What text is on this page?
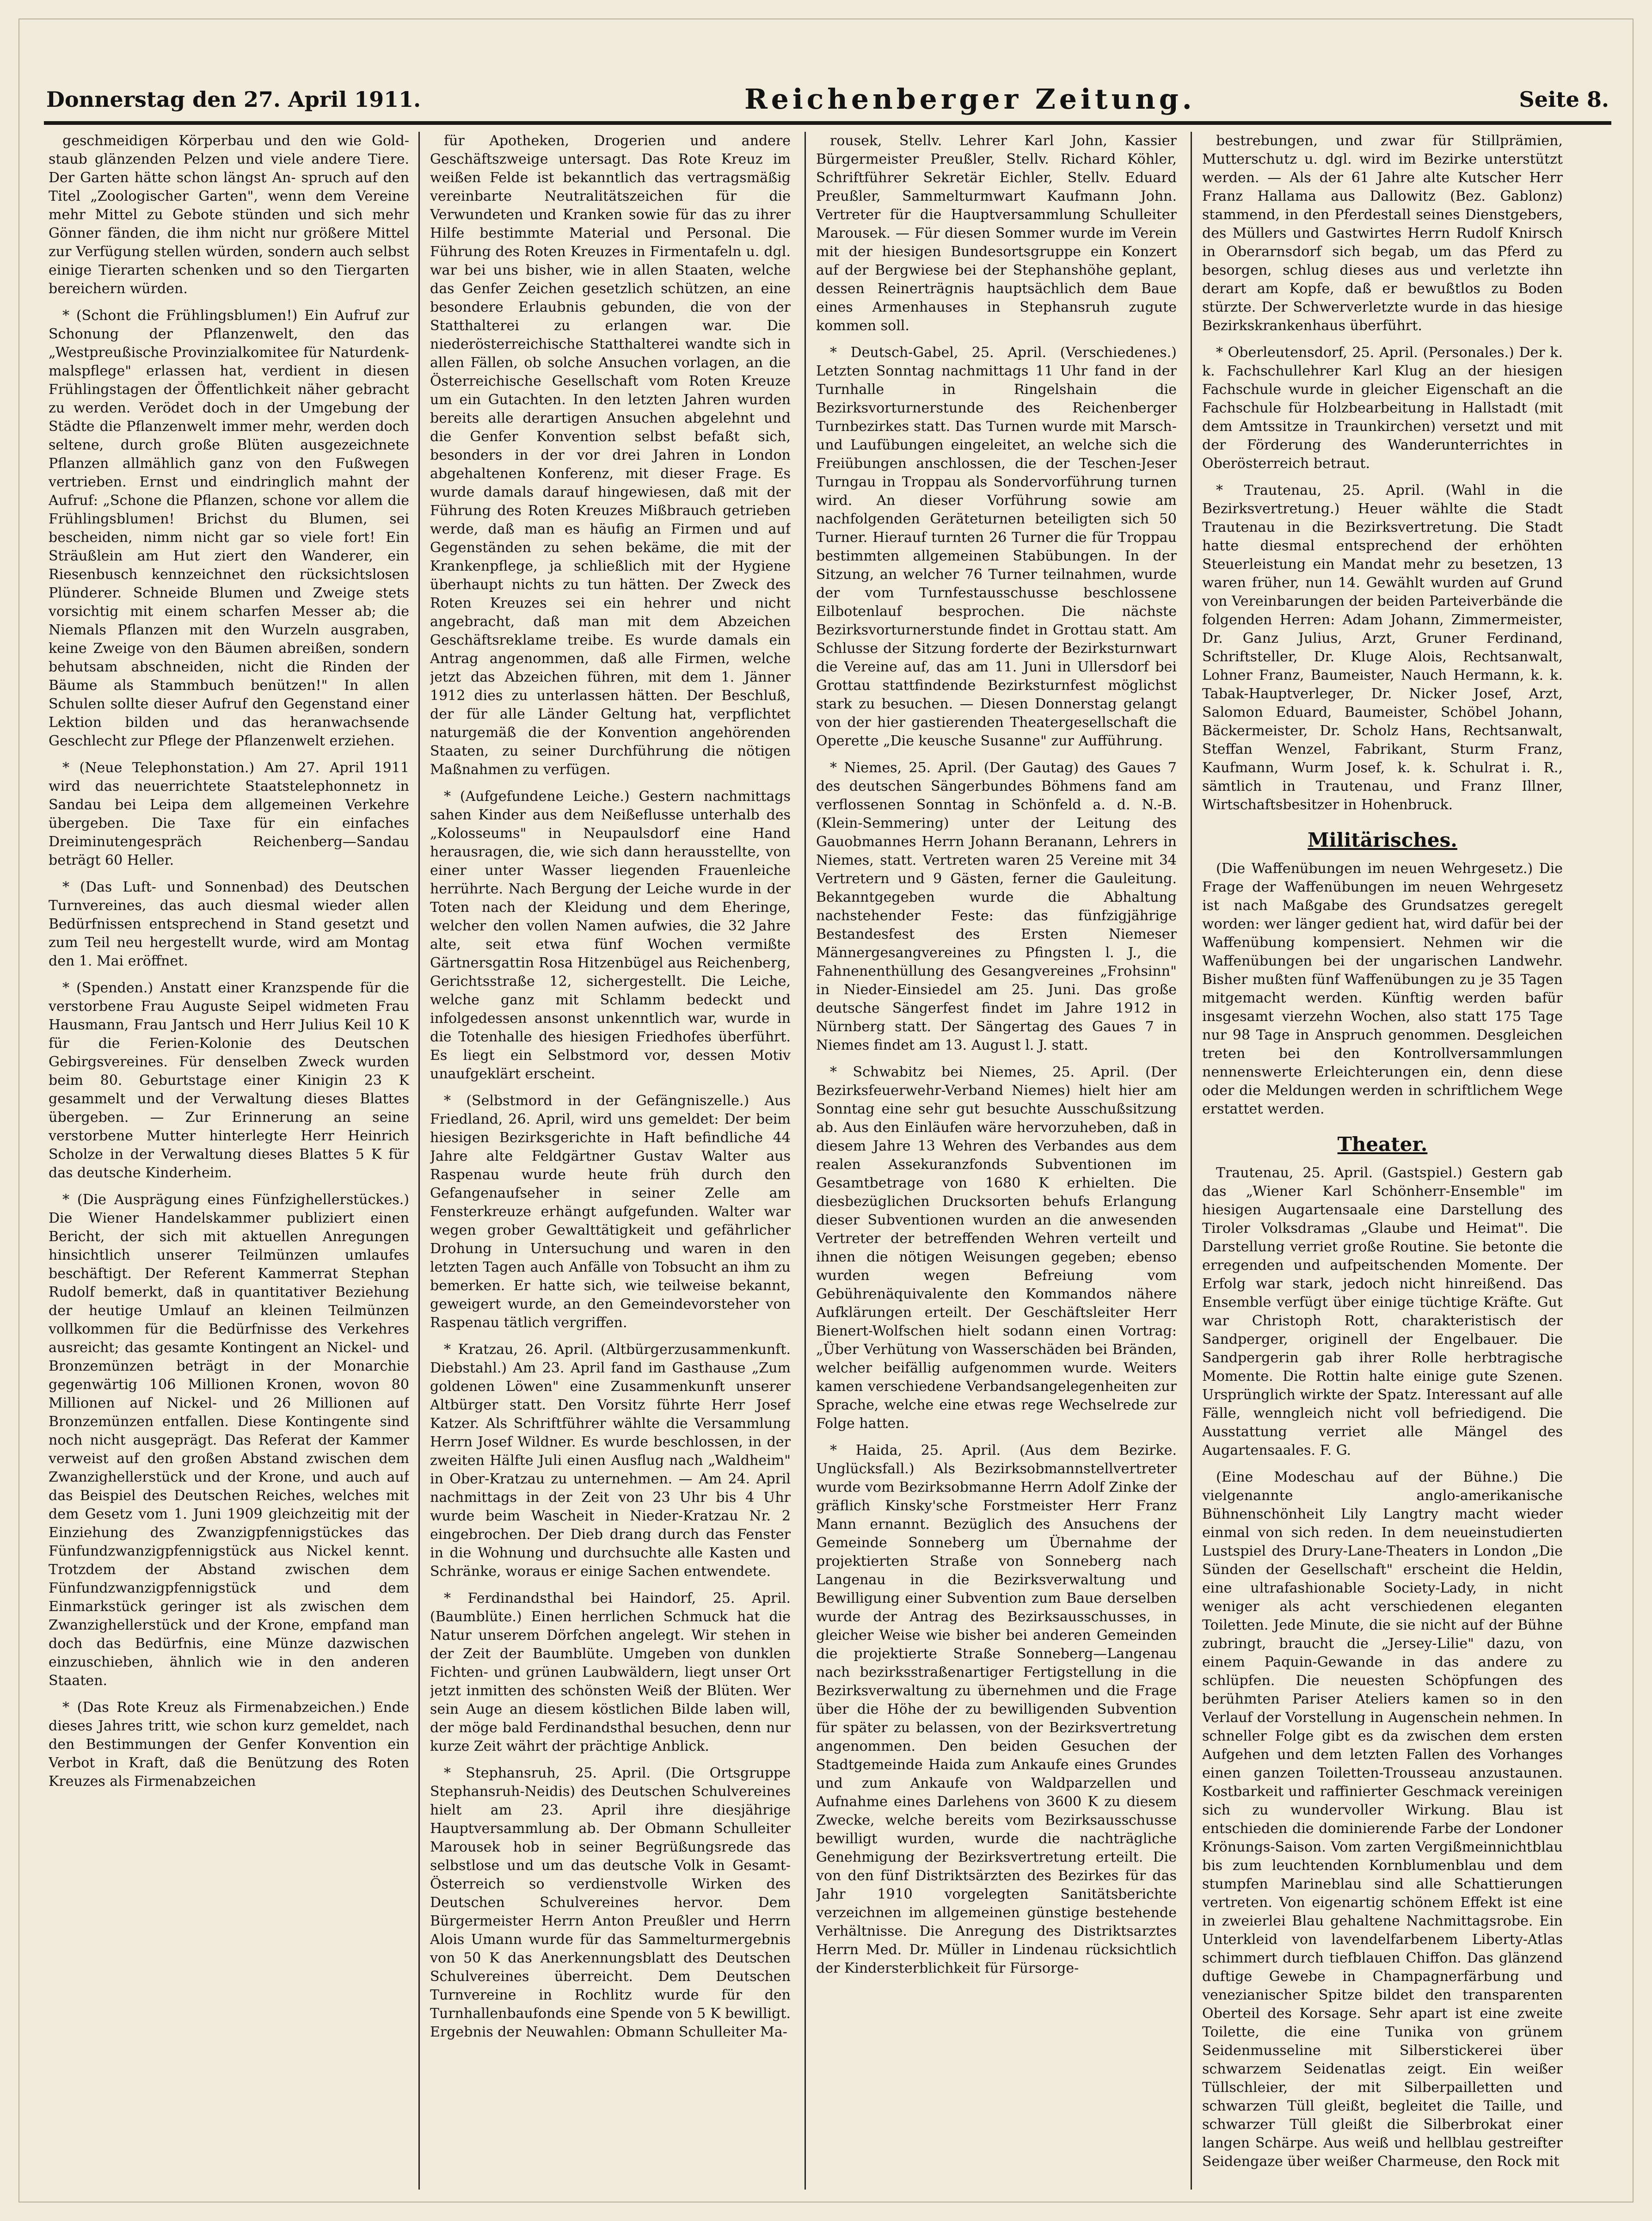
Donnerstag den 27. April 1911.	Reichenberger Zeitung.	Seite 8.
geschmeidigen Körperbau und den wie Gold- staub glänzenden Pelzen und viele andere Tiere. Der Garten hätte schon längst An- spruch auf den Titel „Zoologischer Garten", wenn dem Vereine mehr Mittel zu Gebote stünden und sich mehr Gönner fänden, die ihm nicht nur größere Mittel zur Verfügung stellen würden, sondern auch selbst einige Tierarten schenken und so den Tiergarten bereichern würden.
* (Schont die Frühlingsblumen!) Ein Aufruf zur Schonung der Pflanzenwelt, den das „Westpreußische Provinzialkomitee für Naturdenk- malspflege" erlassen hat, verdient in diesen Frühlingstagen der Öffentlichkeit näher gebracht zu werden. Verödet doch in der Umgebung der Städte die Pflanzenwelt immer mehr, werden doch seltene, durch große Blüten ausgezeichnete Pflanzen allmählich ganz von den Fußwegen vertrieben. Ernst und eindringlich mahnt der Aufruf: „Schone die Pflanzen, schone vor allem die Frühlingsblumen! Brichst du Blumen, sei bescheiden, nimm nicht gar so viele fort! Ein Sträußlein am Hut ziert den Wanderer, ein Riesenbusch kennzeichnet den rücksichtslosen Plünderer. Schneide Blumen und Zweige stets vorsichtig mit einem scharfen Messer ab; die Niemals Pflanzen mit den Wurzeln ausgraben, keine Zweige von den Bäumen abreißen, sondern behutsam abschneiden, nicht die Rinden der Bäume als Stammbuch benützen!" In allen Schulen sollte dieser Aufruf den Gegenstand einer Lektion bilden und das heranwachsende Geschlecht zur Pflege der Pflanzenwelt erziehen.
* (Neue Telephonstation.) Am 27. April 1911 wird das neuerrichtete Staatstelephonnetz in Sandau bei Leipa dem allgemeinen Verkehre übergeben. Die Taxe für ein einfaches Dreiminutengespräch Reichenberg—Sandau beträgt 60 Heller.
* (Das Luft- und Sonnenbad) des Deutschen Turnvereines, das auch diesmal wieder allen Bedürfnissen entsprechend in Stand gesetzt und zum Teil neu hergestellt wurde, wird am Montag den 1. Mai eröffnet.
* (Spenden.) Anstatt einer Kranzspende für die verstorbene Frau Auguste Seipel widmeten Frau Hausmann, Frau Jantsch und Herr Julius Keil 10 K für die Ferien-Kolonie des Deutschen Gebirgsvereines. Für denselben Zweck wurden beim 80. Geburtstage einer Kinigin 23 K gesammelt und der Verwaltung dieses Blattes übergeben. — Zur Erinnerung an seine verstorbene Mutter hinterlegte Herr Heinrich Scholze in der Verwaltung dieses Blattes 5 K für das deutsche Kinderheim.
* (Die Ausprägung eines Fünfzighellerstückes.) Die Wiener Handelskammer publiziert einen Bericht, der sich mit aktuellen Anregungen hinsichtlich unserer Teilmünzen umlaufes beschäftigt. Der Referent Kammerrat Stephan Rudolf bemerkt, daß in quantitativer Beziehung der heutige Umlauf an kleinen Teilmünzen vollkommen für die Bedürfnisse des Verkehres ausreicht; das gesamte Kontingent an Nickel- und Bronzemünzen beträgt in der Monarchie gegenwärtig 106 Millionen Kronen, wovon 80 Millionen auf Nickel- und 26 Millionen auf Bronzemünzen entfallen. Diese Kontingente sind noch nicht ausgeprägt. Das Referat der Kammer verweist auf den großen Abstand zwischen dem Zwanzighellerstück und der Krone, und auch auf das Beispiel des Deutschen Reiches, welches mit dem Gesetz vom 1. Juni 1909 gleichzeitig mit der Einziehung des Zwanzigpfennigstückes das Fünfundzwanzigpfennigstück aus Nickel kennt. Trotzdem der Abstand zwischen dem Fünfundzwanzigpfennigstück und dem Einmarkstück geringer ist als zwischen dem Zwanzighellerstück und der Krone, empfand man doch das Bedürfnis, eine Münze dazwischen einzuschieben, ähnlich wie in den anderen Staaten.
* (Das Rote Kreuz als Firmenabzeichen.) Ende dieses Jahres tritt, wie schon kurz gemeldet, nach den Bestimmungen der Genfer Konvention ein Verbot in Kraft, daß die Benützung des Roten Kreuzes als Firmenabzeichen
für Apotheken, Drogerien und andere Geschäftszweige untersagt. Das Rote Kreuz im weißen Felde ist bekanntlich das vertragsmäßig vereinbarte Neutralitätszeichen für die Verwundeten und Kranken sowie für das zu ihrer Hilfe bestimmte Material und Personal. Die Führung des Roten Kreuzes in Firmentafeln u. dgl. war bei uns bisher, wie in allen Staaten, welche das Genfer Zeichen gesetzlich schützen, an eine besondere Erlaubnis gebunden, die von der Statthalterei zu erlangen war. Die niederösterreichische Statthalterei wandte sich in allen Fällen, ob solche Ansuchen vorlagen, an die Österreichische Gesellschaft vom Roten Kreuze um ein Gutachten. In den letzten Jahren wurden bereits alle derartigen Ansuchen abgelehnt und die Genfer Konvention selbst befaßt sich, besonders in der vor drei Jahren in London abgehaltenen Konferenz, mit dieser Frage. Es wurde damals darauf hingewiesen, daß mit der Führung des Roten Kreuzes Mißbrauch getrieben werde, daß man es häufig an Firmen und auf Gegenständen zu sehen bekäme, die mit der Krankenpflege, ja schließlich mit der Hygiene überhaupt nichts zu tun hätten. Der Zweck des Roten Kreuzes sei ein hehrer und nicht angebracht, daß man mit dem Abzeichen Geschäftsreklame treibe. Es wurde damals ein Antrag angenommen, daß alle Firmen, welche jetzt das Abzeichen führen, mit dem 1. Jänner 1912 dies zu unterlassen hätten. Der Beschluß, der für alle Länder Geltung hat, verpflichtet naturgemäß die der Konvention angehörenden Staaten, zu seiner Durchführung die nötigen Maßnahmen zu verfügen.
* (Aufgefundene Leiche.) Gestern nachmittags sahen Kinder aus dem Neißeflusse unterhalb des „Kolosseums" in Neupaulsdorf eine Hand herausragen, die, wie sich dann herausstellte, von einer unter Wasser liegenden Frauenleiche herrührte. Nach Bergung der Leiche wurde in der Toten nach der Kleidung und dem Eheringe, welcher den vollen Namen aufwies, die 32 Jahre alte, seit etwa fünf Wochen vermißte Gärtnersgattin Rosa Hitzenbügel aus Reichenberg, Gerichtsstraße 12, sichergestellt. Die Leiche, welche ganz mit Schlamm bedeckt und infolgedessen ansonst unkenntlich war, wurde in die Totenhalle des hiesigen Friedhofes überführt. Es liegt ein Selbstmord vor, dessen Motiv unaufgeklärt erscheint.
* (Selbstmord in der Gefängniszelle.) Aus Friedland, 26. April, wird uns gemeldet: Der beim hiesigen Bezirksgerichte in Haft befindliche 44 Jahre alte Feldgärtner Gustav Walter aus Raspenau wurde heute früh durch den Gefangenaufseher in seiner Zelle am Fensterkreuze erhängt aufgefunden. Walter war wegen grober Gewalttätigkeit und gefährlicher Drohung in Untersuchung und waren in den letzten Tagen auch Anfälle von Tobsucht an ihm zu bemerken. Er hatte sich, wie teilweise bekannt, geweigert wurde, an den Gemeindevorsteher von Raspenau tätlich vergriffen.
* Kratzau, 26. April. (Altbürgerzusammenkunft. Diebstahl.) Am 23. April fand im Gasthause „Zum goldenen Löwen" eine Zusammenkunft unserer Altbürger statt. Den Vorsitz führte Herr Josef Katzer. Als Schriftführer wählte die Versammlung Herrn Josef Wildner. Es wurde beschlossen, in der zweiten Hälfte Juli einen Ausflug nach „Waldheim" in Ober-Kratzau zu unternehmen. — Am 24. April nachmittags in der Zeit von 23 Uhr bis 4 Uhr wurde beim Wascheit in Nieder-Kratzau Nr. 2 eingebrochen. Der Dieb drang durch das Fenster in die Wohnung und durchsuchte alle Kasten und Schränke, woraus er einige Sachen entwendete.
* Ferdinandsthal bei Haindorf, 25. April. (Baumblüte.) Einen herrlichen Schmuck hat die Natur unserem Dörfchen angelegt. Wir stehen in der Zeit der Baumblüte. Umgeben von dunklen Fichten- und grünen Laubwäldern, liegt unser Ort jetzt inmitten des schönsten Weiß der Blüten. Wer sein Auge an diesem köstlichen Bilde laben will, der möge bald Ferdinandsthal besuchen, denn nur kurze Zeit währt der prächtige Anblick.
* Stephansruh, 25. April. (Die Ortsgruppe Stephansruh-Neidis) des Deutschen Schulvereines hielt am 23. April ihre diesjährige Hauptversammlung ab. Der Obmann Schulleiter Marousek hob in seiner Begrüßungsrede das selbstlose und um das deutsche Volk in Gesamt-Österreich so verdienstvolle Wirken des Deutschen Schulvereines hervor. Dem Bürgermeister Herrn Anton Preußler und Herrn Alois Umann wurde für das Sammelturmergebnis von 50 K das Anerkennungsblatt des Deutschen Schulvereines überreicht. Dem Deutschen Turnvereine in Rochlitz wurde für den Turnhallenbaufonds eine Spende von 5 K bewilligt. Ergebnis der Neuwahlen: Obmann Schulleiter Ma-
rousek, Stellv. Lehrer Karl John, Kassier Bürgermeister Preußler, Stellv. Richard Köhler, Schriftführer Sekretär Eichler, Stellv. Eduard Preußler, Sammelturmwart Kaufmann John. Vertreter für die Hauptversammlung Schulleiter Marousek. — Für diesen Sommer wurde im Verein mit der hiesigen Bundesortsgruppe ein Konzert auf der Bergwiese bei der Stephanshöhe geplant, dessen Reinerträgnis hauptsächlich dem Baue eines Armenhauses in Stephansruh zugute kommen soll.
* Deutsch-Gabel, 25. April. (Verschiedenes.) Letzten Sonntag nachmittags 11 Uhr fand in der Turnhalle in Ringelshain die Bezirksvorturnerstunde des Reichenberger Turnbezirkes statt. Das Turnen wurde mit Marsch- und Laufübungen eingeleitet, an welche sich die Freiübungen anschlossen, die der Teschen-Jeser Turngau in Troppau als Sondervorführung turnen wird. An dieser Vorführung sowie am nachfolgenden Geräteturnen beteiligten sich 50 Turner. Hierauf turnten 26 Turner die für Troppau bestimmten allgemeinen Stabübungen. In der Sitzung, an welcher 76 Turner teilnahmen, wurde der vom Turnfestausschusse beschlossene Eilbotenlauf besprochen. Die nächste Bezirksvorturnerstunde findet in Grottau statt. Am Schlusse der Sitzung forderte der Bezirksturnwart die Vereine auf, das am 11. Juni in Ullersdorf bei Grottau stattfindende Bezirksturnfest möglichst stark zu besuchen. — Diesen Donnerstag gelangt von der hier gastierenden Theatergesellschaft die Operette „Die keusche Susanne" zur Aufführung.
* Niemes, 25. April. (Der Gautag) des Gaues 7 des deutschen Sängerbundes Böhmens fand am verflossenen Sonntag in Schönfeld a. d. N.-B. (Klein-Semmering) unter der Leitung des Gauobmannes Herrn Johann Beranann, Lehrers in Niemes, statt. Vertreten waren 25 Vereine mit 34 Vertretern und 9 Gästen, ferner die Gauleitung. Bekanntgegeben wurde die Abhaltung nachstehender Feste: das fünfzigjährige Bestandesfest des Ersten Niemeser Männergesangvereines zu Pfingsten l. J., die Fahnenenthüllung des Gesangvereines „Frohsinn" in Nieder-Einsiedel am 25. Juni. Das große deutsche Sängerfest findet im Jahre 1912 in Nürnberg statt. Der Sängertag des Gaues 7 in Niemes findet am 13. August l. J. statt.
* Schwabitz bei Niemes, 25. April. (Der Bezirksfeuerwehr-Verband Niemes) hielt hier am Sonntag eine sehr gut besuchte Ausschußsitzung ab. Aus den Einläufen wäre hervorzuheben, daß in diesem Jahre 13 Wehren des Verbandes aus dem realen Assekuranzfonds Subventionen im Gesamtbetrage von 1680 K erhielten. Die diesbezüglichen Drucksorten behufs Erlangung dieser Subventionen wurden an die anwesenden Vertreter der betreffenden Wehren verteilt und ihnen die nötigen Weisungen gegeben; ebenso wurden wegen Befreiung vom Gebührenäquivalente den Kommandos nähere Aufklärungen erteilt. Der Geschäftsleiter Herr Bienert-Wolfschen hielt sodann einen Vortrag: „Über Verhütung von Wasserschäden bei Bränden, welcher beifällig aufgenommen wurde. Weiters kamen verschiedene Verbandsangelegenheiten zur Sprache, welche eine etwas rege Wechselrede zur Folge hatten.
* Haida, 25. April. (Aus dem Bezirke. Unglücksfall.) Als Bezirksobmannstellvertreter wurde vom Bezirksobmanne Herrn Adolf Zinke der gräflich Kinsky'sche Forstmeister Herr Franz Mann ernannt. Bezüglich des Ansuchens der Gemeinde Sonneberg um Übernahme der projektierten Straße von Sonneberg nach Langenau in die Bezirksverwaltung und Bewilligung einer Subvention zum Baue derselben wurde der Antrag des Bezirksausschusses, in gleicher Weise wie bisher bei anderen Gemeinden die projektierte Straße Sonneberg—Langenau nach bezirksstraßenartiger Fertigstellung in die Bezirksverwaltung zu übernehmen und die Frage über die Höhe der zu bewilligenden Subvention für später zu belassen, von der Bezirksvertretung angenommen. Den beiden Gesuchen der Stadtgemeinde Haida zum Ankaufe eines Grundes und zum Ankaufe von Waldparzellen und Aufnahme eines Darlehens von 3600 K zu diesem Zwecke, welche bereits vom Bezirksausschusse bewilligt wurden, wurde die nachträgliche Genehmigung der Bezirksvertretung erteilt. Die von den fünf Distriktsärzten des Bezirkes für das Jahr 1910 vorgelegten Sanitätsberichte verzeichnen im allgemeinen günstige bestehende Verhältnisse. Die Anregung des Distriktsarztes Herrn Med. Dr. Müller in Lindenau rücksichtlich der Kindersterblichkeit für Fürsorge-
bestrebungen, und zwar für Stillprämien, Mutterschutz u. dgl. wird im Bezirke unterstützt werden. — Als der 61 Jahre alte Kutscher Herr Franz Hallama aus Dallowitz (Bez. Gablonz) stammend, in den Pferdestall seines Dienstgebers, des Müllers und Gastwirtes Herrn Rudolf Knirsch in Oberarnsdorf sich begab, um das Pferd zu besorgen, schlug dieses aus und verletzte ihn derart am Kopfe, daß er bewußtlos zu Boden stürzte. Der Schwerverletzte wurde in das hiesige Bezirkskrankenhaus überführt.
* Oberleutensdorf, 25. April. (Personales.) Der k. k. Fachschullehrer Karl Klug an der hiesigen Fachschule wurde in gleicher Eigenschaft an die Fachschule für Holzbearbeitung in Hallstadt (mit dem Amtssitze in Traunkirchen) versetzt und mit der Förderung des Wanderunterrichtes in Oberösterreich betraut.
* Trautenau, 25. April. (Wahl in die Bezirksvertretung.) Heuer wählte die Stadt Trautenau in die Bezirksvertretung. Die Stadt hatte diesmal entsprechend der erhöhten Steuerleistung ein Mandat mehr zu besetzen, 13 waren früher, nun 14. Gewählt wurden auf Grund von Vereinbarungen der beiden Parteiverbände die folgenden Herren: Adam Johann, Zimmermeister, Dr. Ganz Julius, Arzt, Gruner Ferdinand, Schriftsteller, Dr. Kluge Alois, Rechtsanwalt, Lohner Franz, Baumeister, Nauch Hermann, k. k. Tabak-Hauptverleger, Dr. Nicker Josef, Arzt, Salomon Eduard, Baumeister, Schöbel Johann, Bäckermeister, Dr. Scholz Hans, Rechtsanwalt, Steffan Wenzel, Fabrikant, Sturm Franz, Kaufmann, Wurm Josef, k. k. Schulrat i. R., sämtlich in Trautenau, und Franz Illner, Wirtschaftsbesitzer in Hohenbruck.
Militärisches.
(Die Waffenübungen im neuen Wehrgesetz.) Die Frage der Waffenübungen im neuen Wehrgesetz ist nach Maßgabe des Grundsatzes geregelt worden: wer länger gedient hat, wird dafür bei der Waffenübung kompensiert. Nehmen wir die Waffenübungen bei der ungarischen Landwehr. Bisher mußten fünf Waffenübungen zu je 35 Tagen mitgemacht werden. Künftig werden bafür insgesamt vierzehn Wochen, also statt 175 Tage nur 98 Tage in Anspruch genommen. Desgleichen treten bei den Kontrollversammlungen nennenswerte Erleichterungen ein, denn diese oder die Meldungen werden in schriftlichem Wege erstattet werden.
Theater.
Trautenau, 25. April. (Gastspiel.) Gestern gab das „Wiener Karl Schönherr-Ensemble" im hiesigen Augartensaale eine Darstellung des Tiroler Volksdramas „Glaube und Heimat". Die Darstellung verriet große Routine. Sie betonte die erregenden und aufpeitschenden Momente. Der Erfolg war stark, jedoch nicht hinreißend. Das Ensemble verfügt über einige tüchtige Kräfte. Gut war Christoph Rott, charakteristisch der Sandperger, originell der Engelbauer. Die Sandpergerin gab ihrer Rolle herbtragische Momente. Die Rottin halte einige gute Szenen. Ursprünglich wirkte der Spatz. Interessant auf alle Fälle, wenngleich nicht voll befriedigend. Die Ausstattung verriet alle Mängel des Augartensaales. F. G.
(Eine Modeschau auf der Bühne.) Die vielgenannte anglo-amerikanische Bühnenschönheit Lily Langtry macht wieder einmal von sich reden. In dem neueinstudierten Lustspiel des Drury-Lane-Theaters in London „Die Sünden der Gesellschaft" erscheint die Heldin, eine ultrafashionable Society-Lady, in nicht weniger als acht verschiedenen eleganten Toiletten. Jede Minute, die sie nicht auf der Bühne zubringt, braucht die „Jersey-Lilie" dazu, von einem Paquin-Gewande in das andere zu schlüpfen. Die neuesten Schöpfungen des berühmten Pariser Ateliers kamen so in den Verlauf der Vorstellung in Augenschein nehmen. In schneller Folge gibt es da zwischen dem ersten Aufgehen und dem letzten Fallen des Vorhanges einen ganzen Toiletten-Trousseau anzustaunen. Kostbarkeit und raffinierter Geschmack vereinigen sich zu wundervoller Wirkung. Blau ist entschieden die dominierende Farbe der Londoner Krönungs-Saison. Vom zarten Vergißmeinnichtblau bis zum leuchtenden Kornblumenblau und dem stumpfen Marineblau sind alle Schattierungen vertreten. Von eigenartig schönem Effekt ist eine in zweierlei Blau gehaltene Nachmittagsrobe. Ein Unterkleid von lavendelfarbenem Liberty-Atlas schimmert durch tiefblauen Chiffon. Das glänzend duftige Gewebe in Champagnerfärbung und venezianischer Spitze bildet den transparenten Oberteil des Korsage. Sehr apart ist eine zweite Toilette, die eine Tunika von grünem Seidenmusseline mit Silberstickerei über schwarzem Seidenatlas zeigt. Ein weißer Tüllschleier, der mit Silberpailletten und schwarzen Tüll gleißt, begleitet die Taille, und schwarzer Tüll gleißt die Silberbrokat einer langen Schärpe. Aus weiß und hellblau gestreifter Seidengaze über weißer Charmeuse, den Rock mit
